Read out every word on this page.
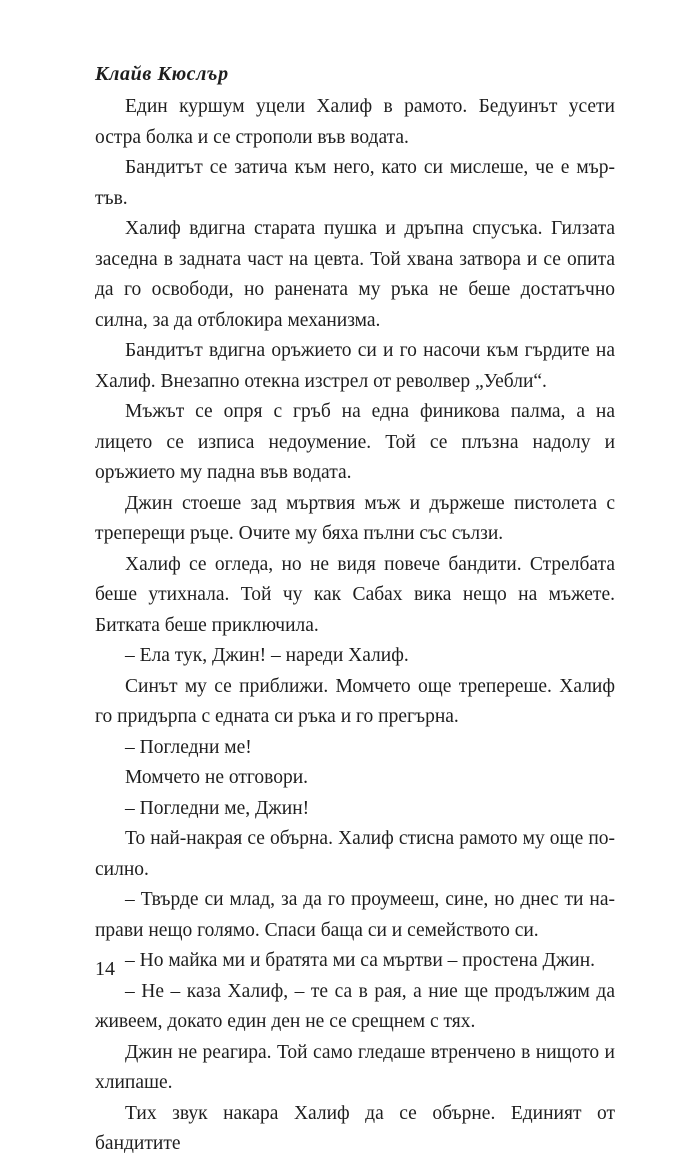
Клайв Кюслър

Един куршум уцели Халиф в рамото. Бедуинът усети остра болка и се строполи във водата.

Бандитът се затича към него, като си мислеше, че е мъртъв.

Халиф вдигна старата пушка и дръпна спусъка. Гилзата заседна в задната част на цевта. Той хвана затвора и се опита да го освободи, но ранената му ръка не беше достатъчно силна, за да отблокира механизма.

Бандитът вдигна оръжието си и го насочи към гърдите на Халиф. Внезапно отекна изстрел от револвер „Уебли“.

Мъжът се опря с гръб на една финикова палма, а на лицето се изписа недоумение. Той се плъзна надолу и оръжието му падна във водата.

Джин стоеше зад мъртвия мъж и държеше пистолета с треперещи ръце. Очите му бяха пълни със сълзи.

Халиф се огледа, но не видя повече бандити. Стрелбата беше утихнала. Той чу как Сабах вика нещо на мъжете. Битката беше приключила.

– Ела тук, Джин! – нареди Халиф.

Синът му се приближи. Момчето още трепереше. Халиф го придърпа с едната си ръка и го прегърна.

– Погледни ме!

Момчето не отговори.

– Погледни ме, Джин!

То най-накрая се обърна. Халиф стисна рамото му още посилно.

– Твърде си млад, за да го проумееш, сине, но днес ти направи нещо голямо. Спаси баща си и семейството си.

– Но майка ми и братята ми са мъртви – простена Джин.

– Не – каза Халиф, – те са в рая, а ние ще продължим да живеем, докато един ден не се срещнем с тях.

Джин не реагира. Той само гледаше втренчено в нищото и хлипаше.

Тих звук накара Халиф да се обърне. Единият от бандитите

14
